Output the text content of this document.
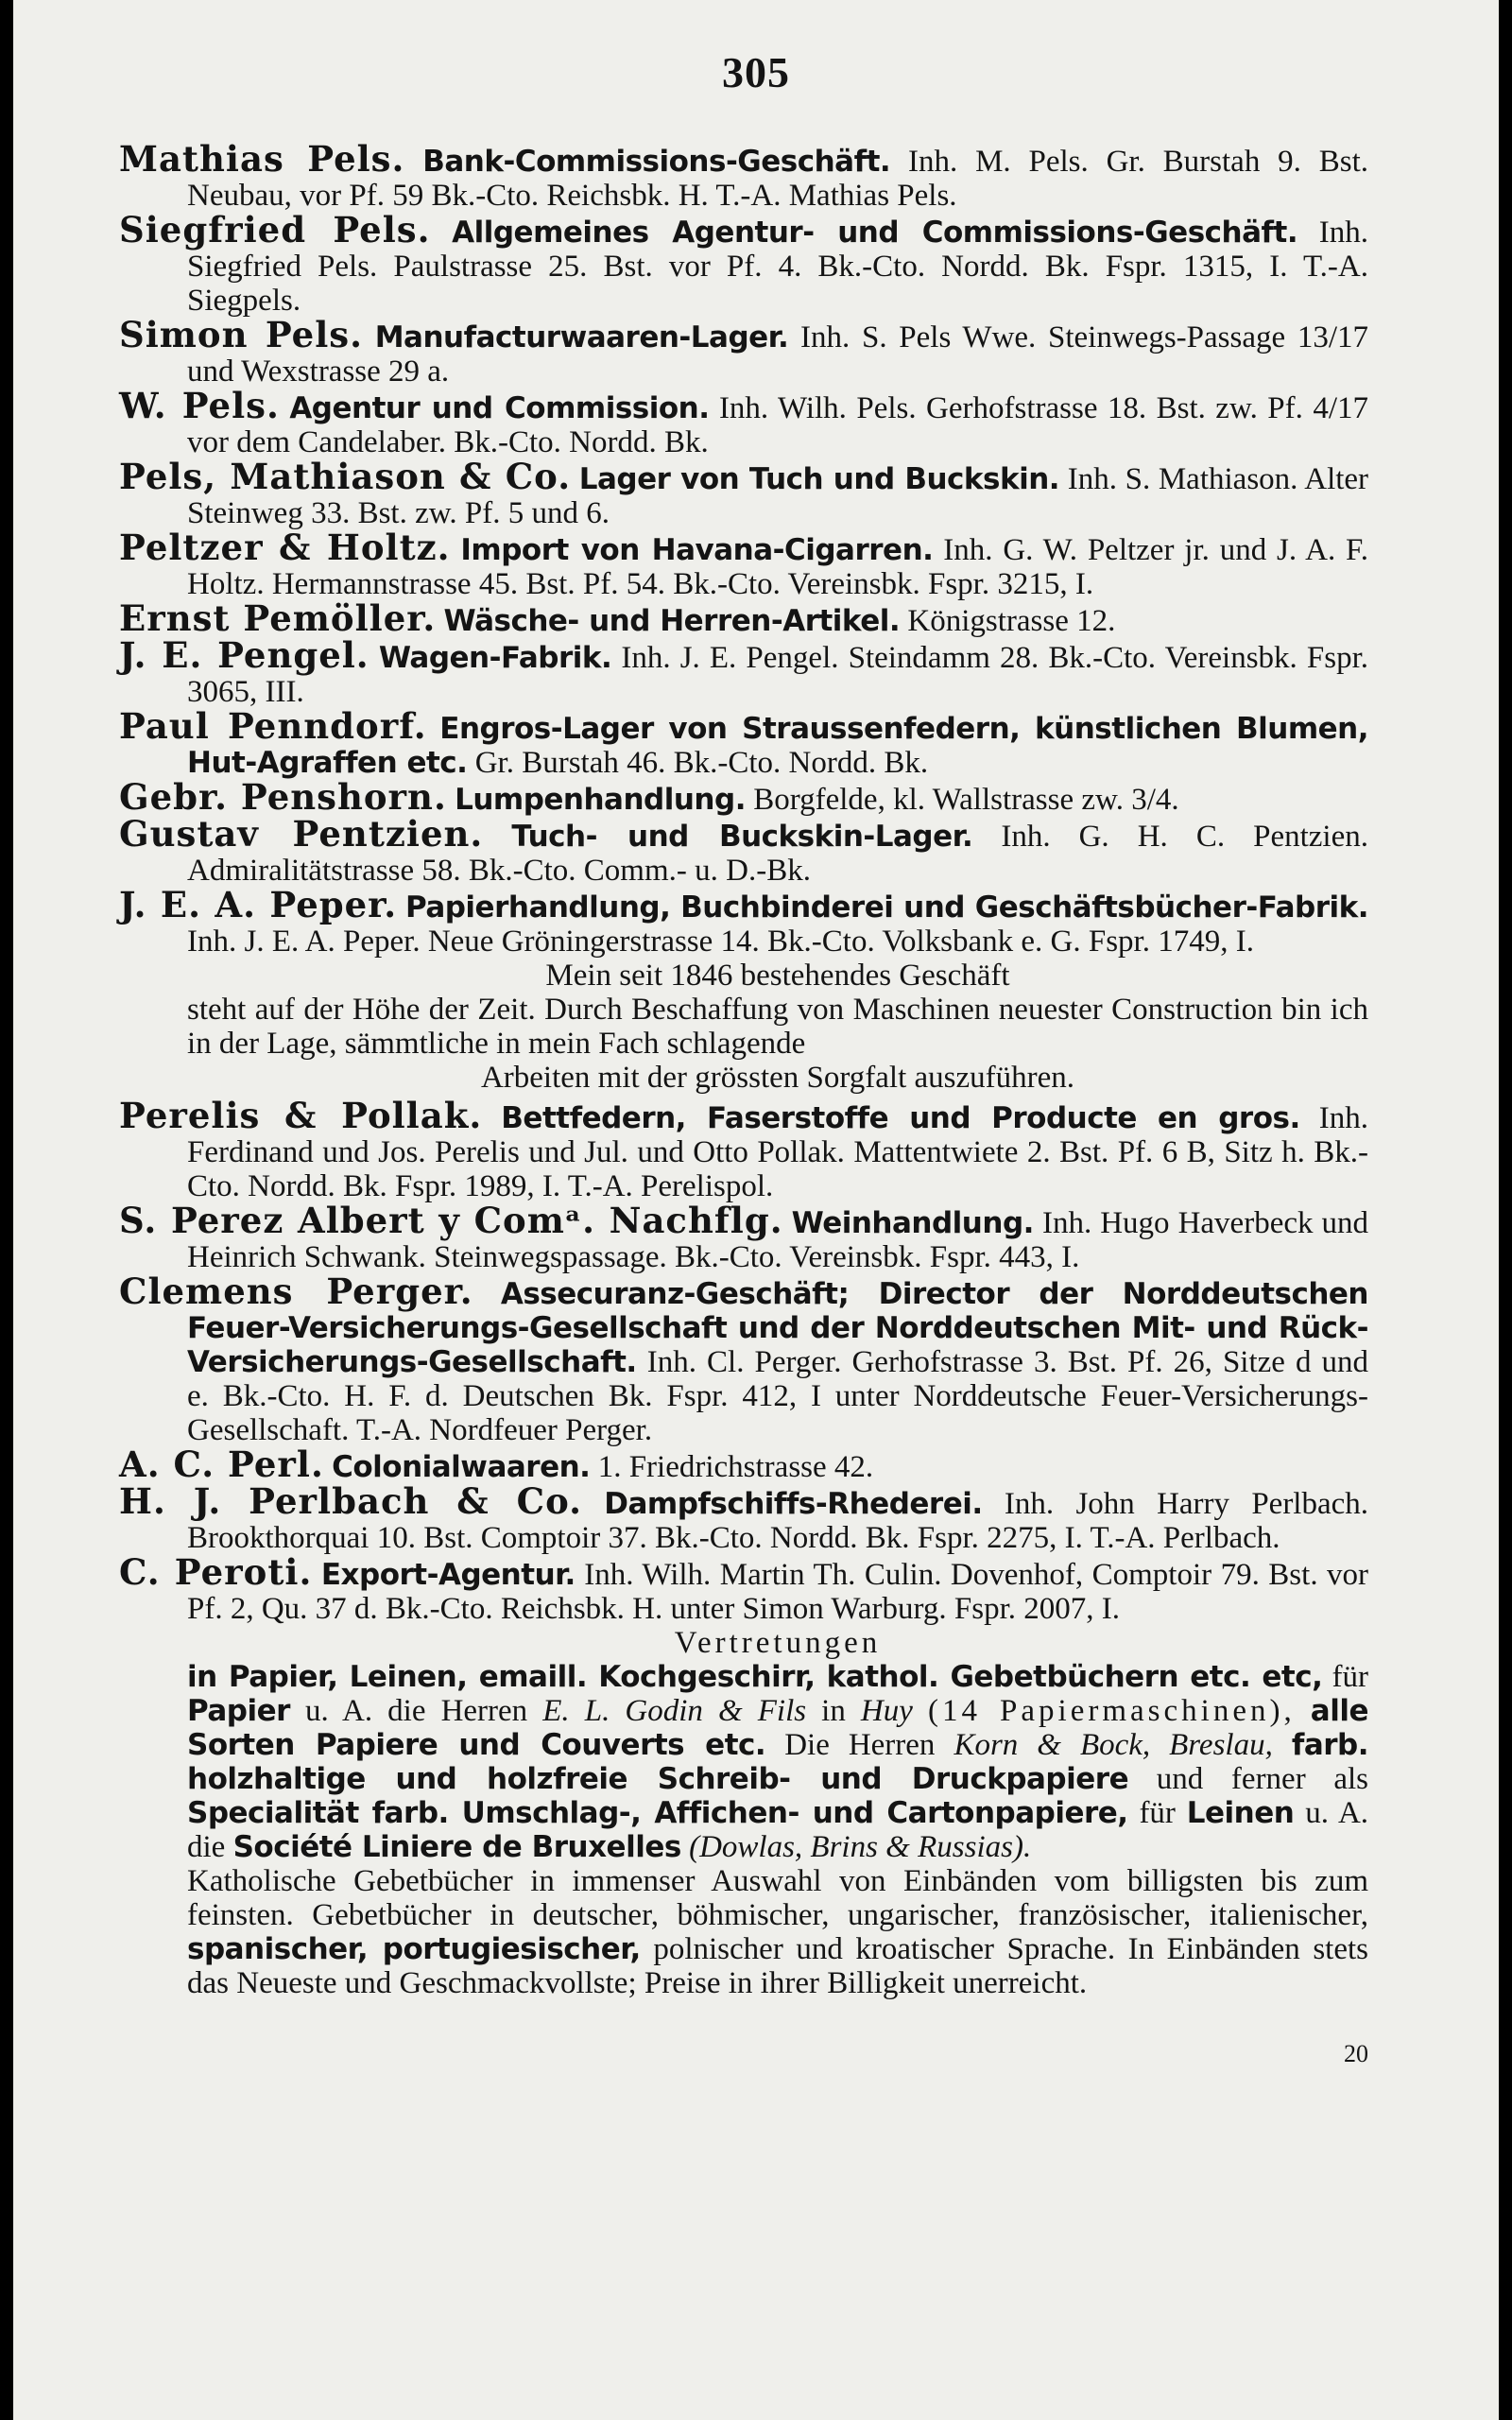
305
Mathias Pels. Bank-Commissions-Geschäft. Inh. M. Pels. Gr. Burstah 9. Bst. Neubau, vor Pf. 59 Bk.-Cto. Reichsbk. H. T.-A. Mathias Pels.
Siegfried Pels. Allgemeines Agentur- und Commissions-Geschäft. Inh. Siegfried Pels. Paulstrasse 25. Bst. vor Pf. 4. Bk.-Cto. Nordd. Bk. Fspr. 1315, I. T.-A. Siegpels.
Simon Pels. Manufacturwaaren-Lager. Inh. S. Pels Wwe. Steinwegs-Passage 13/17 und Wexstrasse 29 a.
W. Pels. Agentur und Commission. Inh. Wilh. Pels. Gerhofstrasse 18. Bst. zw. Pf. 4/17 vor dem Candelaber. Bk.-Cto. Nordd. Bk.
Pels, Mathiason & Co. Lager von Tuch und Buckskin. Inh. S. Mathiason. Alter Steinweg 33. Bst. zw. Pf. 5 und 6.
Peltzer & Holtz. Import von Havana-Cigarren. Inh. G. W. Peltzer jr. und J. A. F. Holtz. Hermannstrasse 45. Bst. Pf. 54. Bk.-Cto. Vereinsbk. Fspr. 3215, I.
Ernst Pemöller. Wäsche- und Herren-Artikel. Königstrasse 12.
J. E. Pengel. Wagen-Fabrik. Inh. J. E. Pengel. Steindamm 28. Bk.-Cto. Vereinsbk. Fspr. 3065, III.
Paul Penndorf. Engros-Lager von Straussenfedern, künstlichen Blumen, Hut-Agraffen etc. Gr. Burstah 46. Bk.-Cto. Nordd. Bk.
Gebr. Penshorn. Lumpenhandlung. Borgfelde, kl. Wallstrasse zw. 3/4.
Gustav Pentzien. Tuch- und Buckskin-Lager. Inh. G. H. C. Pentzien. Admiralitätstrasse 58. Bk.-Cto. Comm.- u. D.-Bk.
J. E. A. Peper. Papierhandlung, Buchbinderei und Geschäftsbücher-Fabrik. Inh. J. E. A. Peper. Neue Gröningerstrasse 14. Bk.-Cto. Volksbank e. G. Fspr. 1749, I.
Mein seit 1846 bestehendes Geschäft
steht auf der Höhe der Zeit. Durch Beschaffung von Maschinen neuester Construction bin ich in der Lage, sämmtliche in mein Fach schlagende
Arbeiten mit der grössten Sorgfalt auszuführen.
Perelis & Pollak. Bettfedern, Faserstoffe und Producte en gros. Inh. Ferdinand und Jos. Perelis und Jul. und Otto Pollak. Mattentwiete 2. Bst. Pf. 6 B, Sitz h. Bk.-Cto. Nordd. Bk. Fspr. 1989, I. T.-A. Perelispol.
S. Perez Albert y Comᵃ. Nachflg. Weinhandlung. Inh. Hugo Haverbeck und Heinrich Schwank. Steinwegspassage. Bk.-Cto. Vereinsbk. Fspr. 443, I.
Clemens Perger. Assecuranz-Geschäft; Director der Norddeutschen Feuer-Versicherungs-Gesellschaft und der Norddeutschen Mit- und Rück-Versicherungs-Gesellschaft. Inh. Cl. Perger. Gerhofstrasse 3. Bst. Pf. 26, Sitze d und e. Bk.-Cto. H. F. d. Deutschen Bk. Fspr. 412, I unter Norddeutsche Feuer-Versicherungs-Gesellschaft. T.-A. Nordfeuer Perger.
A. C. Perl. Colonialwaaren. 1. Friedrichstrasse 42.
H. J. Perlbach & Co. Dampfschiffs-Rhederei. Inh. John Harry Perlbach. Brookthorquai 10. Bst. Comptoir 37. Bk.-Cto. Nordd. Bk. Fspr. 2275, I. T.-A. Perlbach.
C. Peroti. Export-Agentur. Inh. Wilh. Martin Th. Culin. Dovenhof, Comptoir 79. Bst. vor Pf. 2, Qu. 37 d. Bk.-Cto. Reichsbk. H. unter Simon Warburg. Fspr. 2007, I.
Vertretungen
in Papier, Leinen, emaill. Kochgeschirr, kathol. Gebetbüchern etc. etc, für Papier u. A. die Herren E. L. Godin & Fils in Huy (14 Papiermaschinen), alle Sorten Papiere und Couverts etc. Die Herren Korn & Bock, Breslau, farb. holzhaltige und holzfreie Schreib- und Druckpapiere und ferner als Specialität farb. Umschlag-, Affichen- und Cartonpapiere, für Leinen u. A. die Société Liniere de Bruxelles (Dowlas, Brins & Russias).
Katholische Gebetbücher in immenser Auswahl von Einbänden vom billigsten bis zum feinsten. Gebetbücher in deutscher, böhmischer, ungarischer, französischer, italienischer, spanischer, portugiesischer, polnischer und kroatischer Sprache. In Einbänden stets das Neueste und Geschmackvollste; Preise in ihrer Billigkeit unerreicht.
20
